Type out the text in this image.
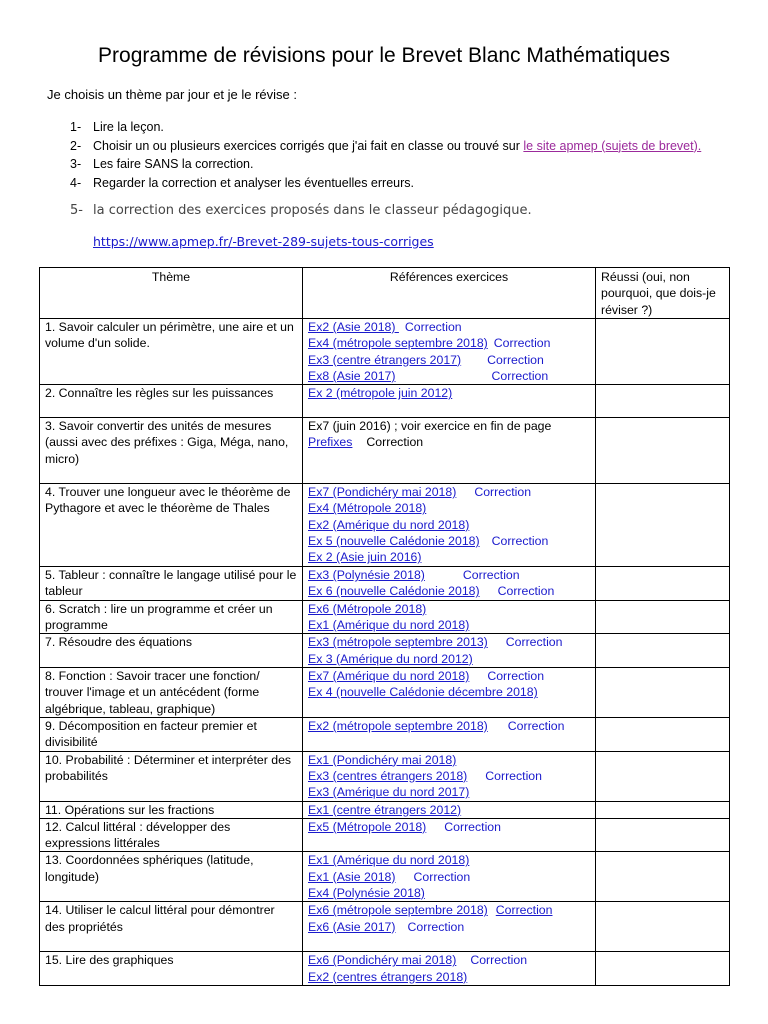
Programme de révisions pour le Brevet Blanc Mathématiques
Je choisis un thème par jour et je le révise :
1- Lire la leçon.
2- Choisir un ou plusieurs exercices corrigés que j'ai fait en classe ou trouvé sur le site apmep (sujets de brevet).
3- Les faire SANS la correction.
4- Regarder la correction et analyser les éventuelles erreurs.
5- la correction des exercices proposés dans le classeur pédagogique.
https://www.apmep.fr/-Brevet-289-sujets-tous-corriges
Thème	Références exercices	Réussi (oui, non pourquoi, que dois-je réviser ?)
1. Savoir calculer un périmètre, une aire et un volume d'un solide.	Ex2 (Asie 2018) Correction
Ex4 (métropole septembre 2018) Correction
Ex3 (centre étrangers 2017) Correction
Ex8 (Asie 2017) Correction	

2. Connaître les règles sur les puissances	Ex 2 (métropole juin 2012)	

3. Savoir convertir des unités de mesures (aussi avec des préfixes : Giga, Méga, nano, micro)	Ex7 (juin 2016) ; voir exercice en fin de page
Prefixes Correction	

4. Trouver une longueur avec le théorème de Pythagore et avec le théorème de Thales	Ex7 (Pondichéry mai 2018) Correction
Ex4 (Métropole 2018)
Ex2 (Amérique du nord 2018)
Ex 5 (nouvelle Calédonie 2018) Correction
Ex 2 (Asie juin 2016)	

5. Tableur : connaître le langage utilisé pour le tableur	Ex3 (Polynésie 2018) Correction
Ex 6 (nouvelle Calédonie 2018) Correction	

6. Scratch : lire un programme et créer un programme	Ex6 (Métropole 2018)
Ex1 (Amérique du nord 2018)	

7. Résoudre des équations	Ex3 (métropole septembre 2013) Correction
Ex 3 (Amérique du nord 2012)	

8. Fonction : Savoir tracer une fonction/ trouver l'image et un antécédent (forme algébrique, tableau, graphique)	Ex7 (Amérique du nord 2018) Correction
Ex 4 (nouvelle Calédonie décembre 2018)	

9. Décomposition en facteur premier et divisibilité	Ex2 (métropole septembre 2018) Correction	

10. Probabilité : Déterminer et interpréter des probabilités	Ex1 (Pondichéry mai 2018)
Ex3 (centres étrangers 2018) Correction
Ex3 (Amérique du nord 2017)	

11. Opérations sur les fractions	Ex1 (centre étrangers 2012)	

12. Calcul littéral : développer des expressions littérales	Ex5 (Métropole 2018) Correction	

13. Coordonnées sphériques (latitude, longitude)	Ex1 (Amérique du nord 2018)
Ex1 (Asie 2018) Correction
Ex4 (Polynésie 2018)	

14. Utiliser le calcul littéral pour démontrer des propriétés	Ex6 (métropole septembre 2018) Correction
Ex6 (Asie 2017) Correction	

15. Lire des graphiques	Ex6 (Pondichéry mai 2018) Correction
Ex2 (centres étrangers 2018)	
